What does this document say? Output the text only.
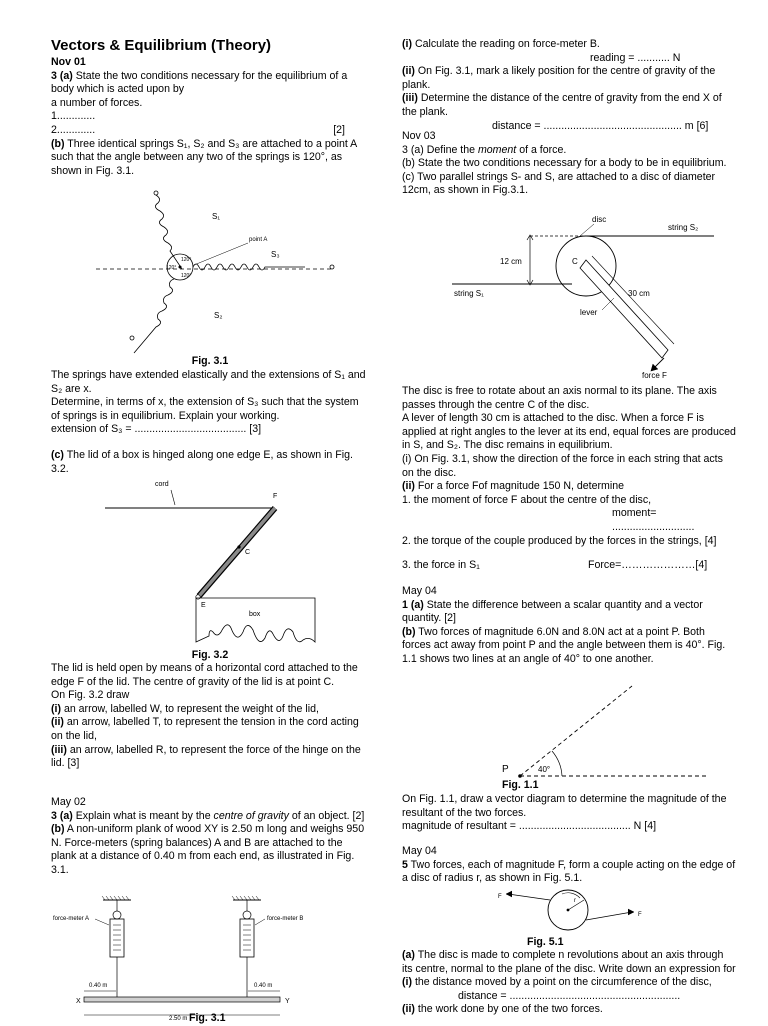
Vectors & Equilibrium (Theory)
Nov 01
3 (a) State the two conditions necessary for the equilibrium of a body which is acted upon by
a number of forces.
1.............
2.............	[2]
(b) Three identical springs S₁, S₂ and S₃ are attached to a point A such that the angle between any two of the springs is 120°, as shown in Fig. 3.1.
S₁
point A
S₃
S₂
120°
120°
120°
Fig. 3.1
The springs have extended elastically and the extensions of S₁ and S₂ are x.
Determine, in terms of x, the extension of S₃ such that the system of springs is in equilibrium. Explain your working.
extension of S₃ = ...................................... [3]
(c) The lid of a box is hinged along one edge E, as shown in Fig. 3.2.
cord
F
C
E
box
Fig. 3.2
The lid is held open by means of a horizontal cord attached to the edge F of the lid. The centre of gravity of the lid is at point C.
On Fig. 3.2 draw
(i) an arrow, labelled W, to represent the weight of the lid,
(ii) an arrow, labelled T, to represent the tension in the cord acting on the lid,
(iii) an arrow, labelled R, to represent the force of the hinge on the lid. [3]
May 02
3 (a) Explain what is meant by the centre of gravity of an object. [2]
(b) A non-uniform plank of wood XY is 2.50 m long and weighs 950 N. Force-meters (spring balances) A and B are attached to the plank at a distance of 0.40 m from each end, as illustrated in Fig. 3.1.
force-meter A	force-meter B
0.40 m	0.40 m
X	Y
2.50 m Fig. 3.1
(i) Calculate the reading on force-meter B.
reading = ........... N
(ii) On Fig. 3.1, mark a likely position for the centre of gravity of the plank.
(iii) Determine the distance of the centre of gravity from the end X of the plank.
distance = ............................................... m [6]
Nov 03
3 (a) Define the moment of a force.
(b) State the two conditions necessary for a body to be in equilibrium.
(c) Two parallel strings S- and S, are attached to a disc of diameter 12cm, as shown in Fig.3.1.
disc
string S₂
12 cm	C
30 cm
lever
string S₁
force F
The disc is free to rotate about an axis normal to its plane. The axis passes through the centre C of the disc.
A lever of length 30 cm is attached to the disc. When a force F is applied at right angles to the lever at its end, equal forces are produced in S, and S₂. The disc remains in equilibrium.
(i) On Fig. 3.1, show the direction of the force in each string that acts on the disc.
(ii) For a force Fof magnitude 150 N, determine
1. the moment of force F about the centre of the disc,
moment= ............................
2. the torque of the couple produced by the forces in the strings, [4]
3. the force in S₁	Force=…………………[4]
May 04
1 (a) State the difference between a scalar quantity and a vector quantity. [2]
(b) Two forces of magnitude 6.0N and 8.0N act at a point P. Both forces act away from point P and the angle between them is 40°. Fig. 1.1 shows two lines at an angle of 40° to one another.
P	40°
Fig. 1.1
On Fig. 1.1, draw a vector diagram to determine the magnitude of the resultant of the two forces.
magnitude of resultant = ...................................... N [4]
May 04
5 Two forces, each of magnitude F, form a couple acting on the edge of a disc of radius r, as shown in Fig. 5.1.
r
F
F
Fig. 5.1
(a) The disc is made to complete n revolutions about an axis through its centre, normal to the plane of the disc. Write down an expression for
(i) the distance moved by a point on the circumference of the disc,
distance = ..........................................................
(ii) the work done by one of the two forces.
